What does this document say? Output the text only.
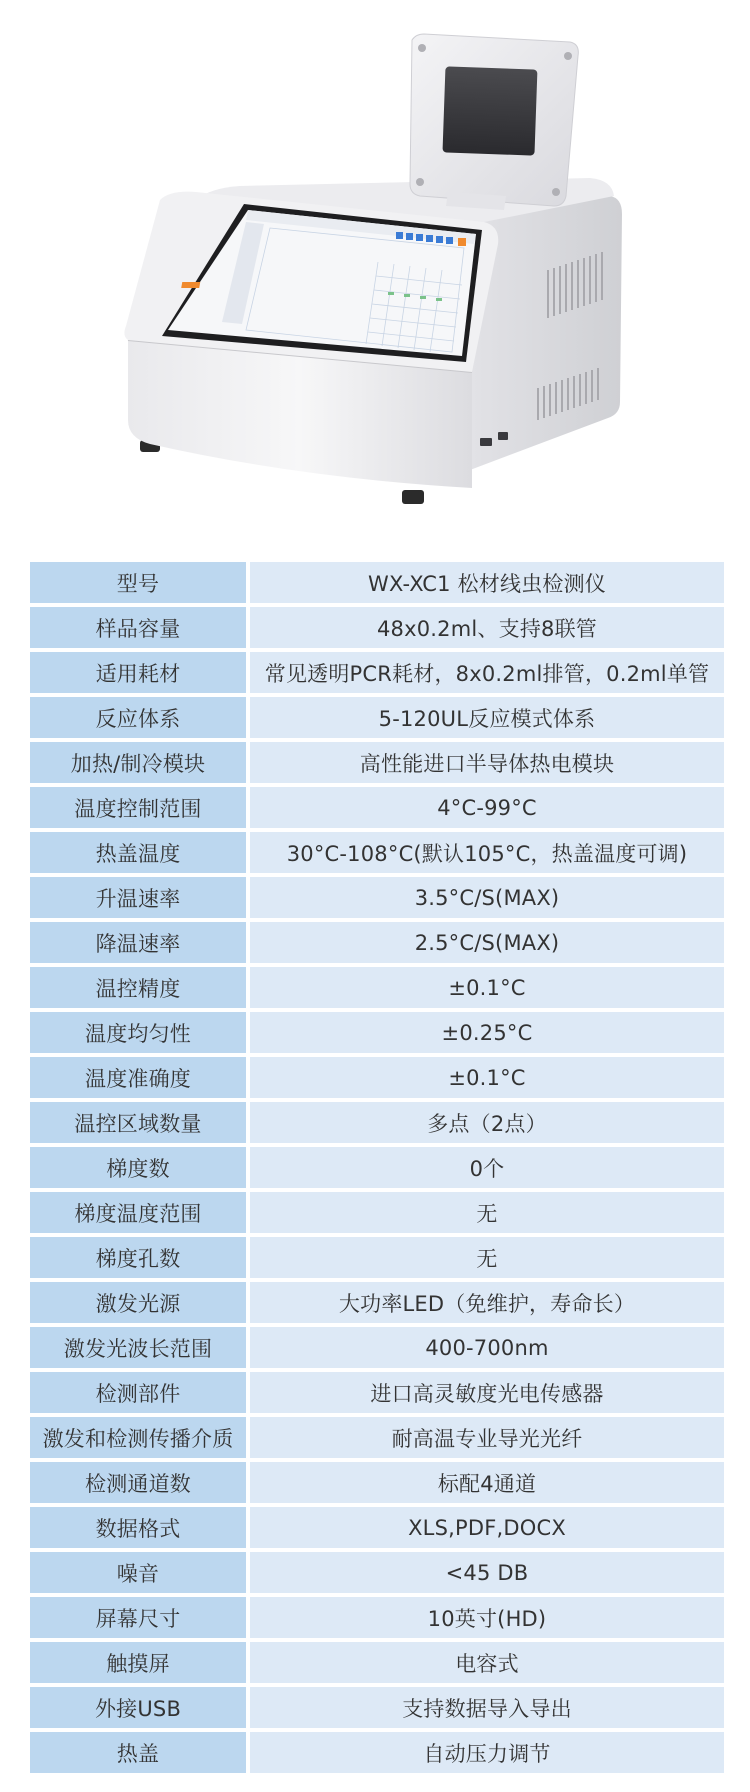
型号	WX-XC1 松材线虫检测仪
样品容量	48x0.2ml、支持8联管
适用耗材	常见透明PCR耗材，8x0.2ml排管，0.2ml单管
反应体系	5-120UL反应模式体系
加热/制冷模块	高性能进口半导体热电模块
温度控制范围	4°C-99°C
热盖温度	30°C-108°C(默认105°C，热盖温度可调)
升温速率	3.5°C/S(MAX)
降温速率	2.5°C/S(MAX)
温控精度	±0.1°C
温度均匀性	±0.25°C
温度准确度	±0.1°C
温控区域数量	多点（2点）
梯度数	0个
梯度温度范围	无
梯度孔数	无
激发光源	大功率LED（免维护，寿命长）
激发光波长范围	400-700nm
检测部件	进口高灵敏度光电传感器
激发和检测传播介质	耐高温专业导光光纤
检测通道数	标配4通道
数据格式	XLS,PDF,DOCX
噪音	<45 DB
屏幕尺寸	10英寸(HD)
触摸屏	电容式
外接USB	支持数据导入导出
热盖	自动压力调节
